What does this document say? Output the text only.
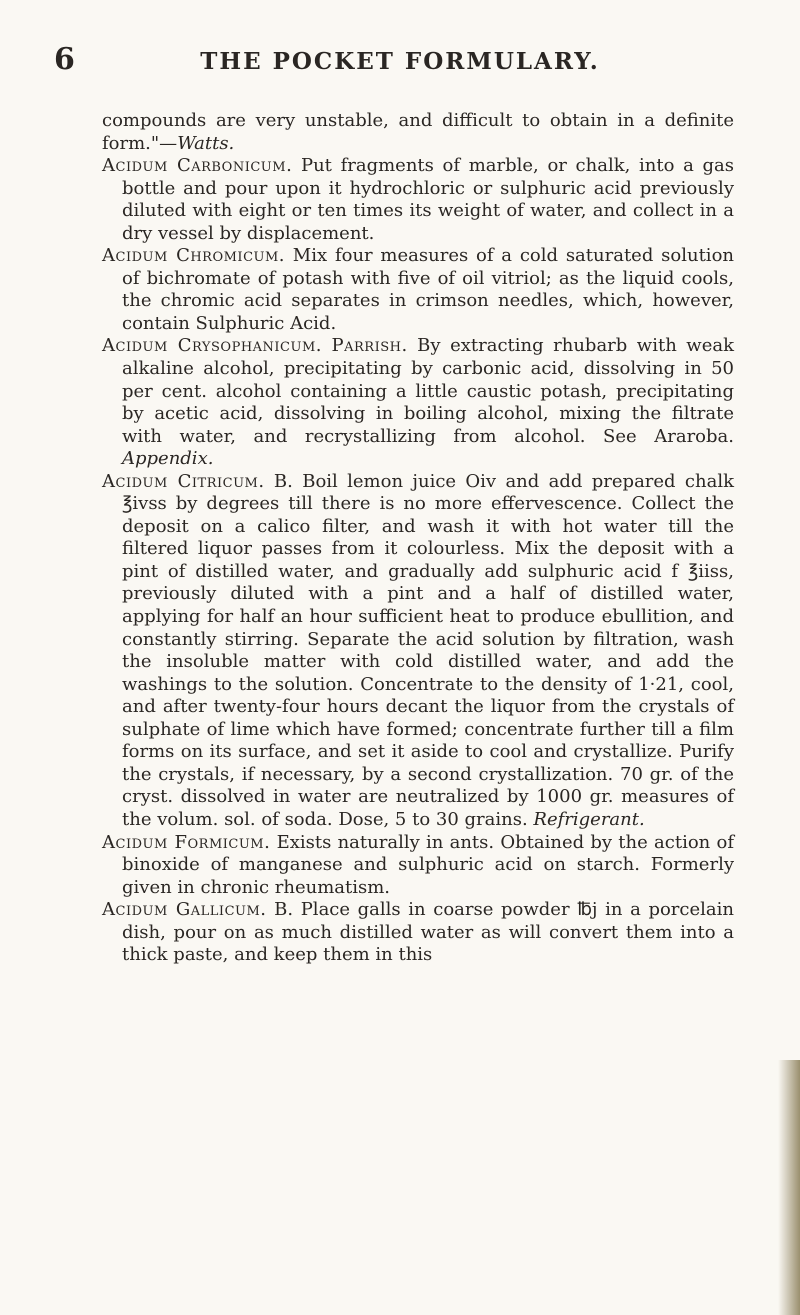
6	THE POCKET FORMULARY.

compounds are very unstable, and difficult to obtain in a definite form."—Watts.

Acidum Carbonicum. Put fragments of marble, or chalk, into a gas bottle and pour upon it hydrochloric or sulphuric acid previously diluted with eight or ten times its weight of water, and collect in a dry vessel by displacement.

Acidum Chromicum. Mix four measures of a cold saturated solution of bichromate of potash with five of oil vitriol; as the liquid cools, the chromic acid separates in crimson needles, which, however, contain Sulphuric Acid.

Acidum Crysophanicum. Parrish. By extracting rhubarb with weak alkaline alcohol, precipitating by carbonic acid, dissolving in 50 per cent. alcohol containing a little caustic potash, precipitating by acetic acid, dissolving in boiling alcohol, mixing the filtrate with water, and recrystallizing from alcohol. See Araroba. Appendix.

Acidum Citricum. B. Boil lemon juice Oiv and add prepared chalk ℥ivss by degrees till there is no more effervescence. Collect the deposit on a calico filter, and wash it with hot water till the filtered liquor passes from it colourless. Mix the deposit with a pint of distilled water, and gradually add sulphuric acid f ℥iiss, previously diluted with a pint and a half of distilled water, applying for half an hour sufficient heat to produce ebullition, and constantly stirring. Separate the acid solution by filtration, wash the insoluble matter with cold distilled water, and add the washings to the solution. Concentrate to the density of 1·21, cool, and after twenty-four hours decant the liquor from the crystals of sulphate of lime which have formed; concentrate further till a film forms on its surface, and set it aside to cool and crystallize. Purify the crystals, if necessary, by a second crystallization. 70 gr. of the cryst. dissolved in water are neutralized by 1000 gr. measures of the volum. sol. of soda. Dose, 5 to 30 grains. Refrigerant.

Acidum Formicum. Exists naturally in ants. Obtained by the action of binoxide of manganese and sulphuric acid on starch. Formerly given in chronic rheumatism.

Acidum Gallicum. B. Place galls in coarse powder ℔j in a porcelain dish, pour on as much distilled water as will convert them into a thick paste, and keep them in this
